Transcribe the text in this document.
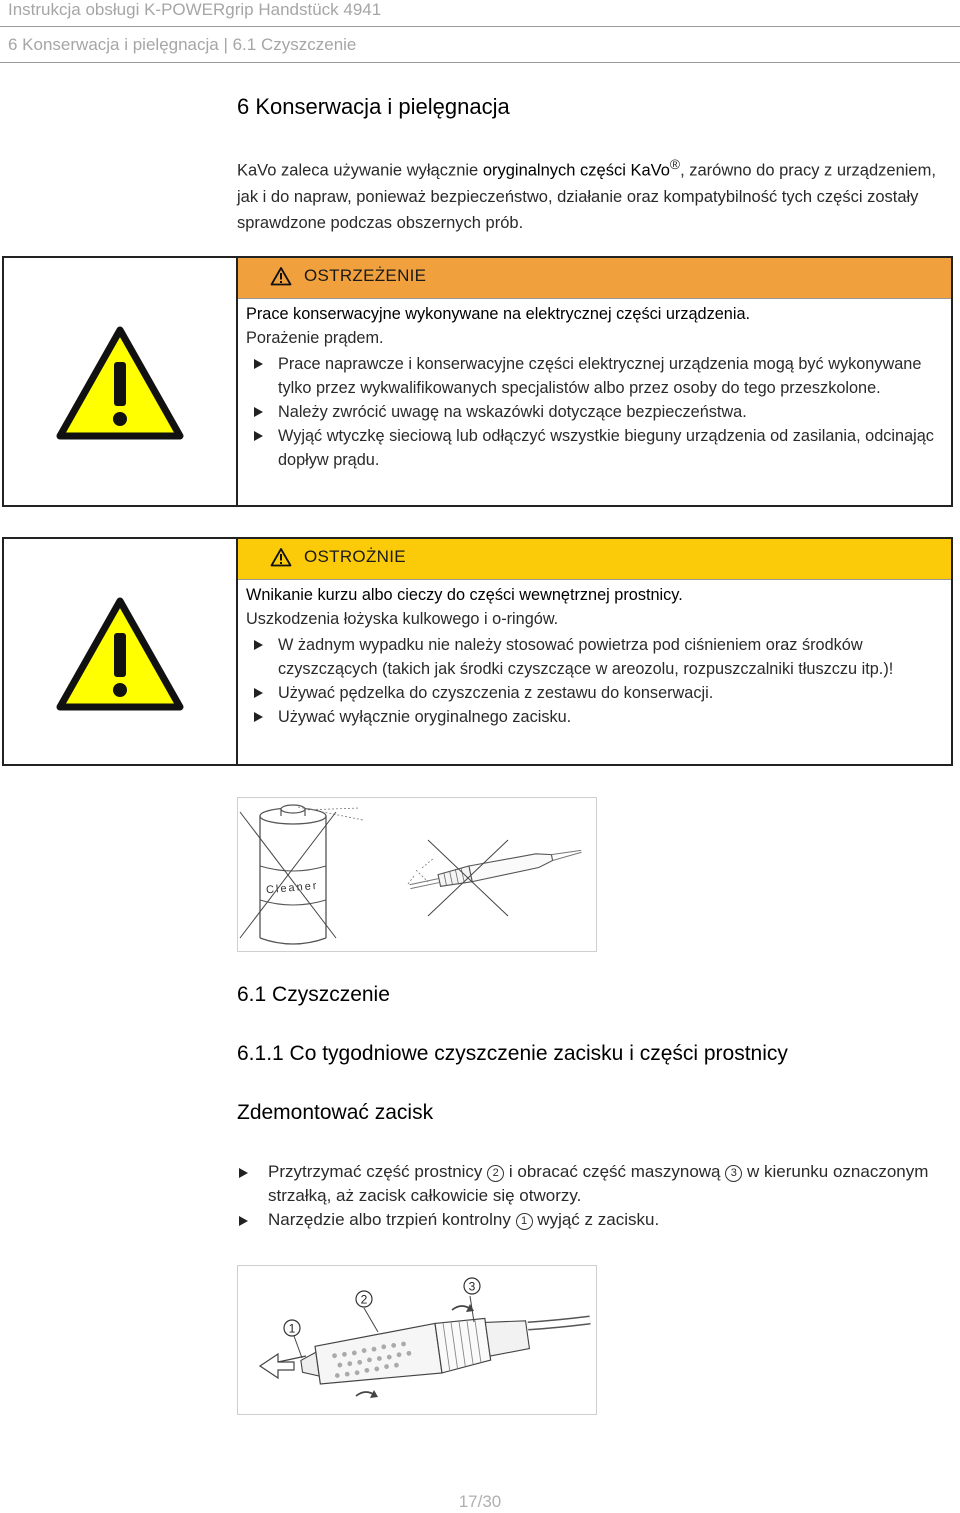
Instrukcja obsługi K-POWERgrip Handstück 4941
6 Konserwacja i pielęgnacja | 6.1 Czyszczenie
6 Konserwacja i pielęgnacja
KaVo zaleca używanie wyłącznie oryginalnych części KaVo®, zarówno do pracy z urządzeniem, jak i do napraw, ponieważ bezpieczeństwo, działanie oraz kompatybilność tych części zostały sprawdzone podczas obszernych prób.
OSTRZEŻENIE
Prace konserwacyjne wykonywane na elektrycznej części urządzenia.
Porażenie prądem.
Prace naprawcze i konserwacyjne części elektrycznej urządzenia mogą być wykonywane tylko przez wykwalifikowanych specjalistów albo przez osoby do tego przeszkolone.
Należy zwrócić uwagę na wskazówki dotyczące bezpieczeństwa.
Wyjąć wtyczkę sieciową lub odłączyć wszystkie bieguny urządzenia od zasilania, odcinając dopływ prądu.
OSTROŻNIE
Wnikanie kurzu albo cieczy do części wewnętrznej prostnicy.
Uszkodzenia łożyska kulkowego i o-ringów.
W żadnym wypadku nie należy stosować powietrza pod ciśnieniem oraz środków czyszczących (takich jak środki czyszczące w areozolu, rozpuszczalniki tłuszczu itp.)!
Używać pędzelka do czyszczenia z zestawu do konserwacji.
Używać wyłącznie oryginalnego zacisku.
Cleaner
6.1 Czyszczenie
6.1.1 Co tygodniowe czyszczenie zacisku i części prostnicy
Zdemontować zacisk
Przytrzymać część prostnicy 2 i obracać część maszynową 3 w kierunku oznaczonym strzałką, aż zacisk całkowicie się otworzy.
Narzędzie albo trzpień kontrolny 1 wyjąć z zacisku.
1
2
3
17/30
